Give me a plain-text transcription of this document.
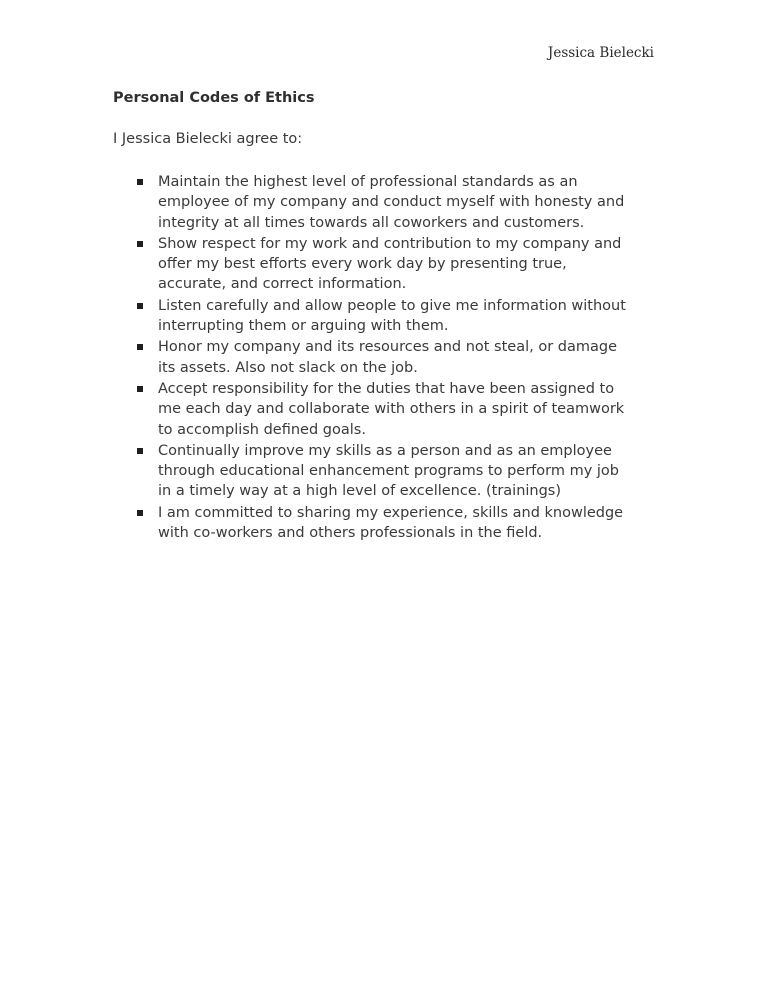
Jessica Bielecki
Personal Codes of Ethics

I Jessica Bielecki agree to:

Maintain the highest level of professional standards as an
employee of my company and conduct myself with honesty and
integrity at all times towards all coworkers and customers.
Show respect for my work and contribution to my company and
offer my best efforts every work day by presenting true,
accurate, and correct information.
Listen carefully and allow people to give me information without
interrupting them or arguing with them.
Honor my company and its resources and not steal, or damage
its assets. Also not slack on the job.
Accept responsibility for the duties that have been assigned to
me each day and collaborate with others in a spirit of teamwork
to accomplish defined goals.
Continually improve my skills as a person and as an employee
through educational enhancement programs to perform my job
in a timely way at a high level of excellence. (trainings)
I am committed to sharing my experience, skills and knowledge
with co-workers and others professionals in the field.
